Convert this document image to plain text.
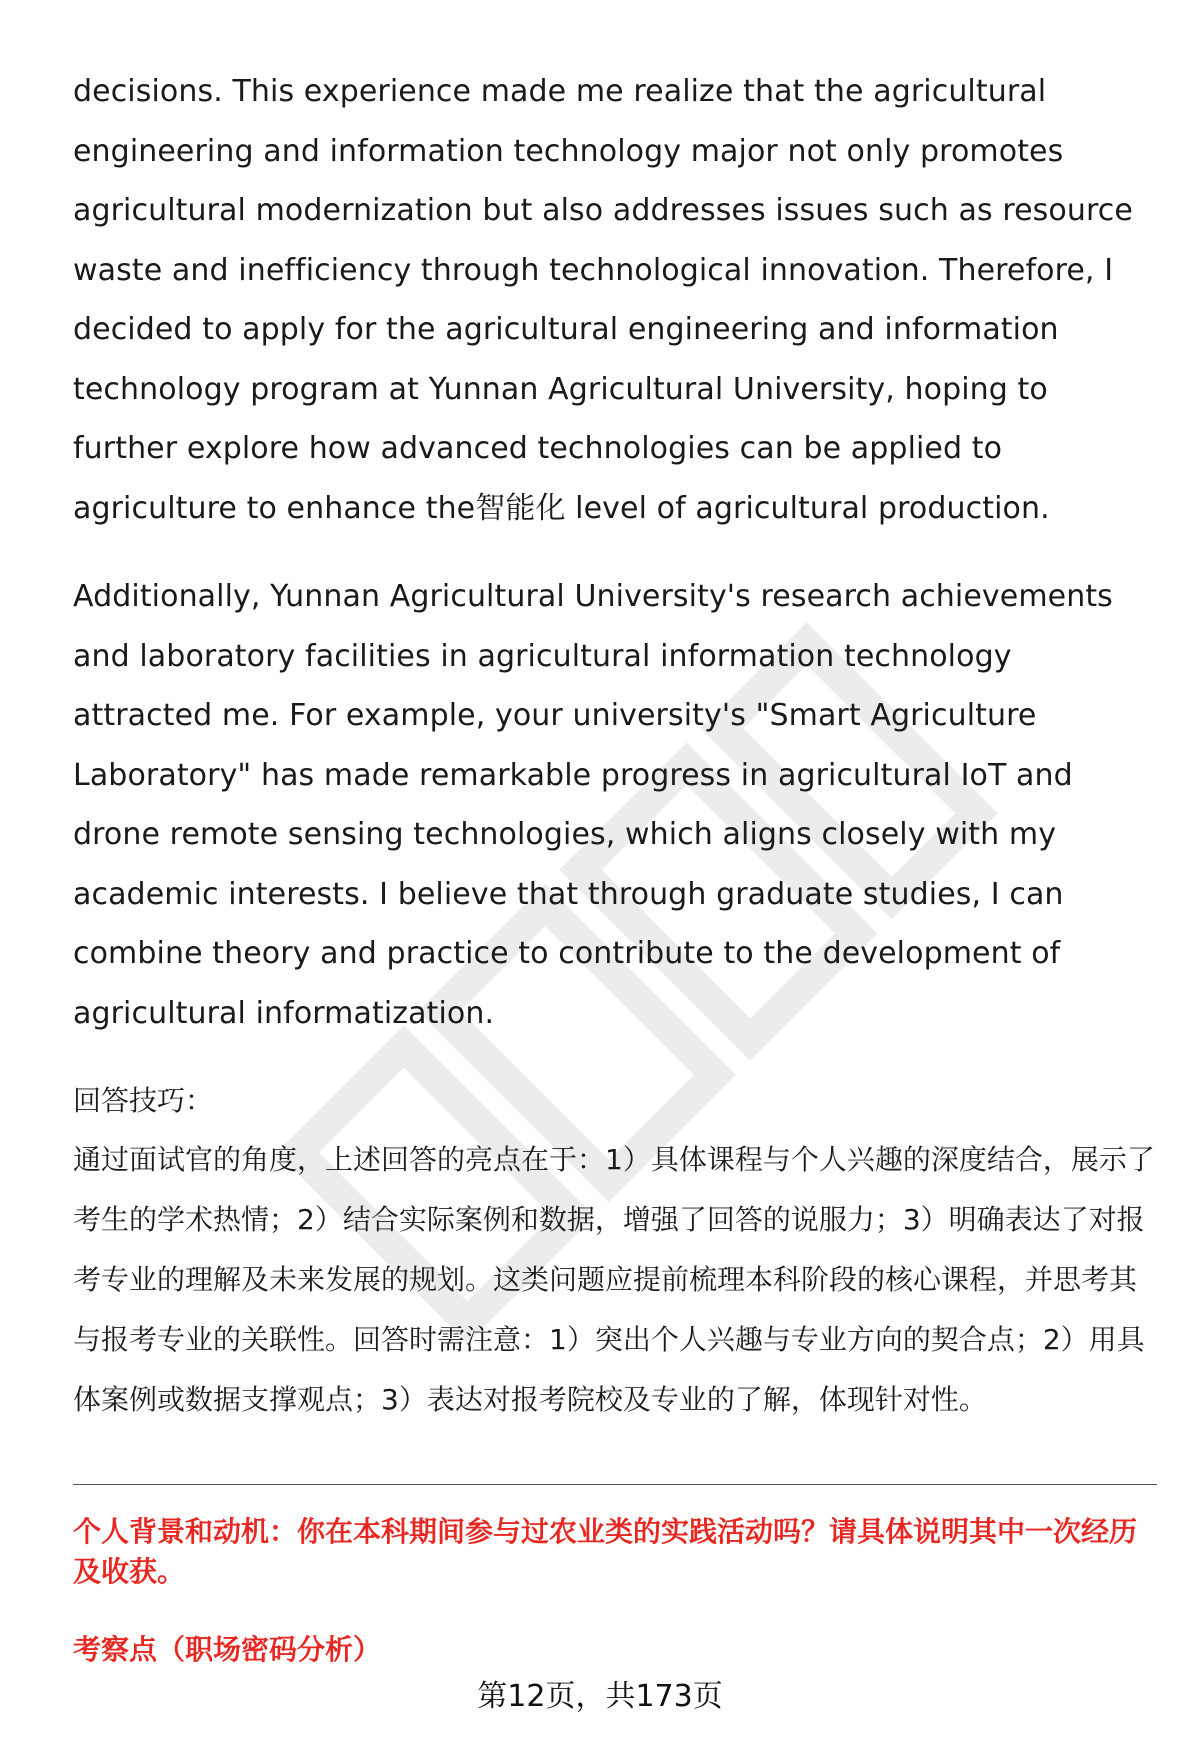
decisions. This experience made me realize that the agricultural engineering and information technology major not only promotes agricultural modernization but also addresses issues such as resource waste and inefficiency through technological innovation. Therefore, I decided to apply for the agricultural engineering and information technology program at Yunnan Agricultural University, hoping to further explore how advanced technologies can be applied to agriculture to enhance the智能化 level of agricultural production.

Additionally, Yunnan Agricultural University's research achievements and laboratory facilities in agricultural information technology attracted me. For example, your university's "Smart Agriculture Laboratory" has made remarkable progress in agricultural IoT and drone remote sensing technologies, which aligns closely with my academic interests. I believe that through graduate studies, I can combine theory and practice to contribute to the development of agricultural informatization.

回答技巧：

通过面试官的角度，上述回答的亮点在于：1）具体课程与个人兴趣的深度结合，展示了考生的学术热情；2）结合实际案例和数据，增强了回答的说服力；3）明确表达了对报考专业的理解及未来发展的规划。这类问题应提前梳理本科阶段的核心课程，并思考其与报考专业的关联性。回答时需注意：1）突出个人兴趣与专业方向的契合点；2）用具体案例或数据支撑观点；3）表达对报考院校及专业的了解，体现针对性。

个人背景和动机：你在本科期间参与过农业类的实践活动吗？请具体说明其中一次经历及收获。

考察点（职场密码分析）

第12页，共173页
